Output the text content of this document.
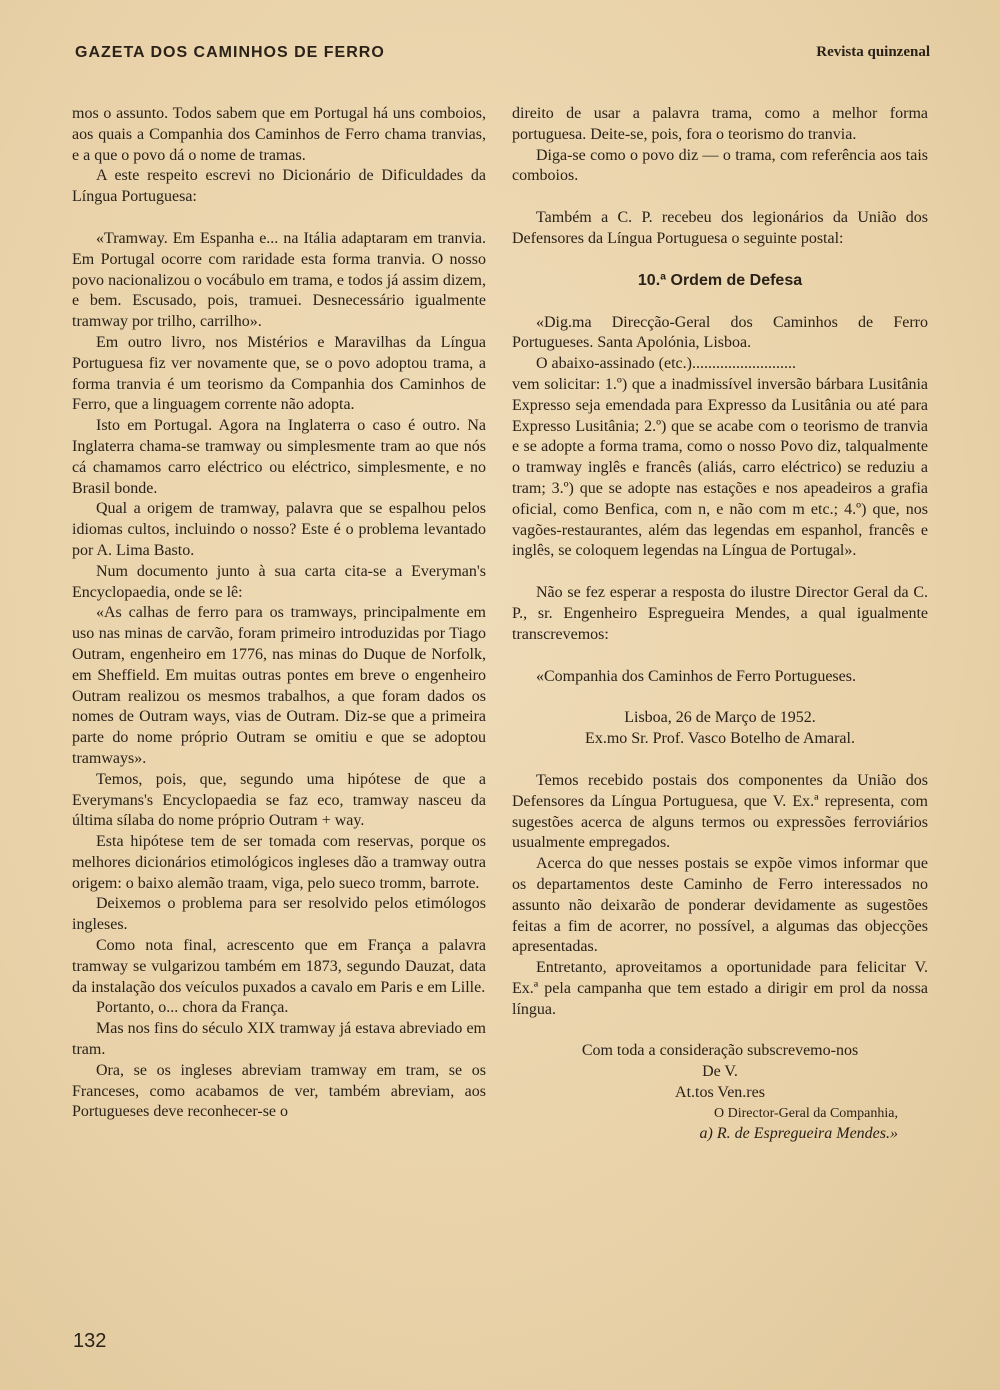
GAZETA DOS CAMINHOS DE FERRO	Revista quinzenal

mos o assunto. Todos sabem que em Portugal há uns comboios, aos quais a Companhia dos Caminhos de Ferro chama tranvias, e a que o povo dá o nome de tramas.

A este respeito escrevi no Dicionário de Dificuldades da Língua Portuguesa:

«Tramway. Em Espanha e... na Itália adaptaram em tranvia. Em Portugal ocorre com raridade esta forma tranvia. O nosso povo nacionalizou o vocábulo em trama, e todos já assim dizem, e bem. Escusado, pois, tramuei. Desnecessário igualmente tramway por trilho, carrilho».

Em outro livro, nos Mistérios e Maravilhas da Língua Portuguesa fiz ver novamente que, se o povo adoptou trama, a forma tranvia é um teorismo da Companhia dos Caminhos de Ferro, que a linguagem corrente não adopta.

Isto em Portugal. Agora na Inglaterra o caso é outro. Na Inglaterra chama-se tramway ou simplesmente tram ao que nós cá chamamos carro eléctrico ou eléctrico, simplesmente, e no Brasil bonde.

Qual a origem de tramway, palavra que se espalhou pelos idiomas cultos, incluindo o nosso? Este é o problema levantado por A. Lima Basto.

Num documento junto à sua carta cita-se a Everyman's Encyclopaedia, onde se lê:

«As calhas de ferro para os tramways, principalmente em uso nas minas de carvão, foram primeiro introduzidas por Tiago Outram, engenheiro em 1776, nas minas do Duque de Norfolk, em Sheffield. Em muitas outras pontes em breve o engenheiro Outram realizou os mesmos trabalhos, a que foram dados os nomes de Outram ways, vias de Outram. Diz-se que a primeira parte do nome próprio Outram se omitiu e que se adoptou tramways».

Temos, pois, que, segundo uma hipótese de que a Everymans's Encyclopaedia se faz eco, tramway nasceu da última sílaba do nome próprio Outram + way.

Esta hipótese tem de ser tomada com reservas, porque os melhores dicionários etimológicos ingleses dão a tramway outra origem: o baixo alemão traam, viga, pelo sueco tromm, barrote.

Deixemos o problema para ser resolvido pelos etimólogos ingleses.

Como nota final, acrescento que em França a palavra tramway se vulgarizou também em 1873, segundo Dauzat, data da instalação dos veículos puxados a cavalo em Paris e em Lille.

Portanto, o... chora da França.

Mas nos fins do século XIX tramway já estava abreviado em tram.

Ora, se os ingleses abreviam tramway em tram, se os Franceses, como acabamos de ver, também abreviam, aos Portugueses deve reconhecer-se o

direito de usar a palavra trama, como a melhor forma portuguesa. Deite-se, pois, fora o teorismo do tranvia.

Diga-se como o povo diz — o trama, com referência aos tais comboios.

Também a C. P. recebeu dos legionários da União dos Defensores da Língua Portuguesa o seguinte postal:

10.ª Ordem de Defesa

«Dig.ma Direcção-Geral dos Caminhos de Ferro Portugueses. Santa Apolónia, Lisboa.

O abaixo-assinado (etc.)..........................

vem solicitar: 1.º) que a inadmissível inversão bárbara Lusitânia Expresso seja emendada para Expresso da Lusitânia ou até para Expresso Lusitânia; 2.º) que se acabe com o teorismo de tranvia e se adopte a forma trama, como o nosso Povo diz, talqualmente o tramway inglês e francês (aliás, carro eléctrico) se reduziu a tram; 3.º) que se adopte nas estações e nos apeadeiros a grafia oficial, como Benfica, com n, e não com m etc.; 4.º) que, nos vagões-restaurantes, além das legendas em espanhol, francês e inglês, se coloquem legendas na Língua de Portugal».

Não se fez esperar a resposta do ilustre Director Geral da C. P., sr. Engenheiro Espregueira Mendes, a qual igualmente transcrevemos:

«Companhia dos Caminhos de Ferro Portugueses.

Lisboa, 26 de Março de 1952.

Ex.mo Sr. Prof. Vasco Botelho de Amaral.

Temos recebido postais dos componentes da União dos Defensores da Língua Portuguesa, que V. Ex.ª representa, com sugestões acerca de alguns termos ou expressões ferroviários usualmente empregados.

Acerca do que nesses postais se expõe vimos informar que os departamentos deste Caminho de Ferro interessados no assunto não deixarão de ponderar devidamente as sugestões feitas a fim de acorrer, no possível, a algumas das objecções apresentadas.

Entretanto, aproveitamos a oportunidade para felicitar V. Ex.ª pela campanha que tem estado a dirigir em prol da nossa língua.

Com toda a consideração subscrevemo-nos

De V.

At.tos Ven.res

O Director-Geral da Companhia,

a) R. de Espregueira Mendes.»

132
